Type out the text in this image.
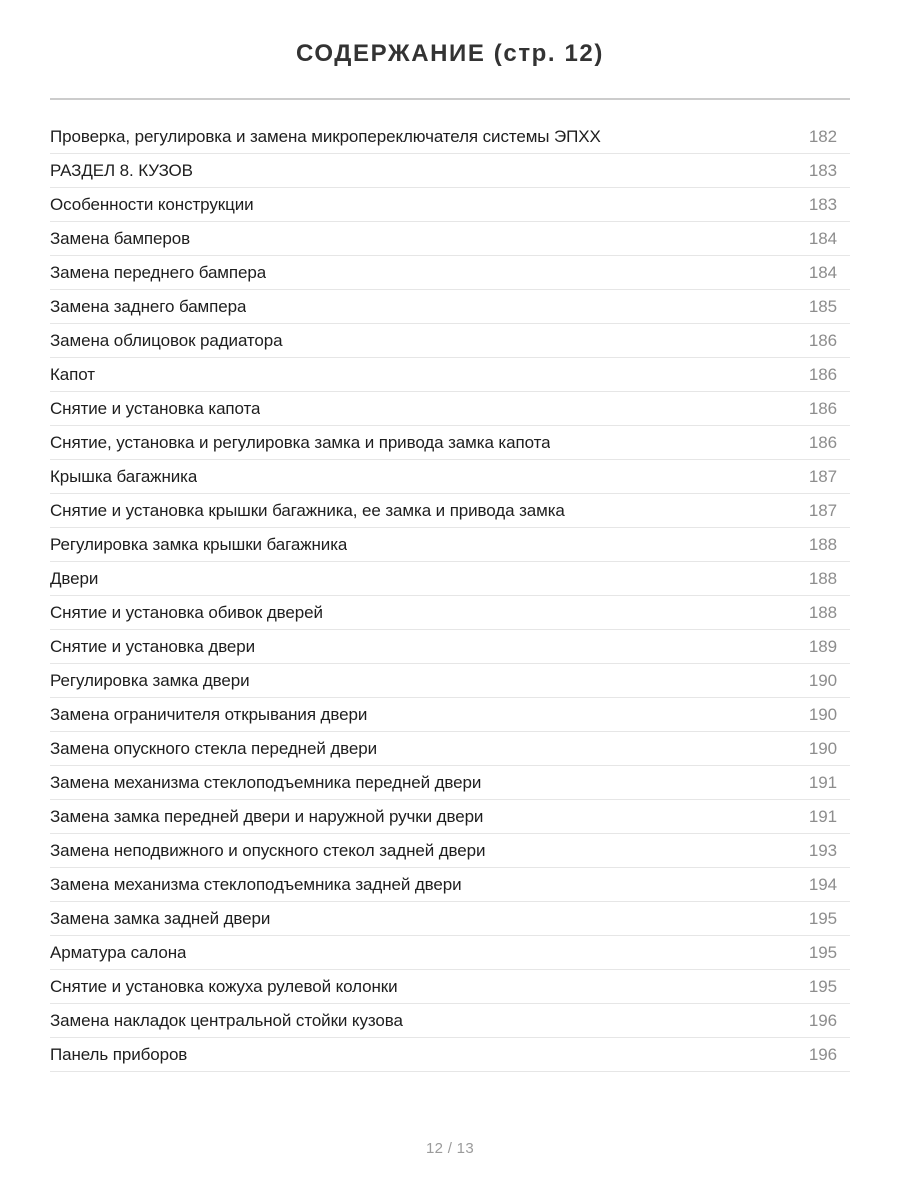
СОДЕРЖАНИЕ (стр. 12)
Проверка, регулировка и замена микропереключателя системы ЭПХХ	182
РАЗДЕЛ 8. КУЗОВ	183
Особенности конструкции	183
Замена бамперов	184
Замена переднего бампера	184
Замена заднего бампера	185
Замена облицовок радиатора	186
Капот	186
Снятие и установка капота	186
Снятие, установка и регулировка замка и привода замка капота	186
Крышка багажника	187
Снятие и установка крышки багажника, ее замка и привода замка	187
Регулировка замка крышки багажника	188
Двери	188
Снятие и установка обивок дверей	188
Снятие и установка двери	189
Регулировка замка двери	190
Замена ограничителя открывания двери	190
Замена опускного стекла передней двери	190
Замена механизма стеклоподъемника передней двери	191
Замена замка передней двери и наружной ручки двери	191
Замена неподвижного и опускного стекол задней двери	193
Замена механизма стеклоподъемника задней двери	194
Замена замка задней двери	195
Арматура салона	195
Снятие и установка кожуха рулевой колонки	195
Замена накладок центральной стойки кузова	196
Панель приборов	196
12 / 13
